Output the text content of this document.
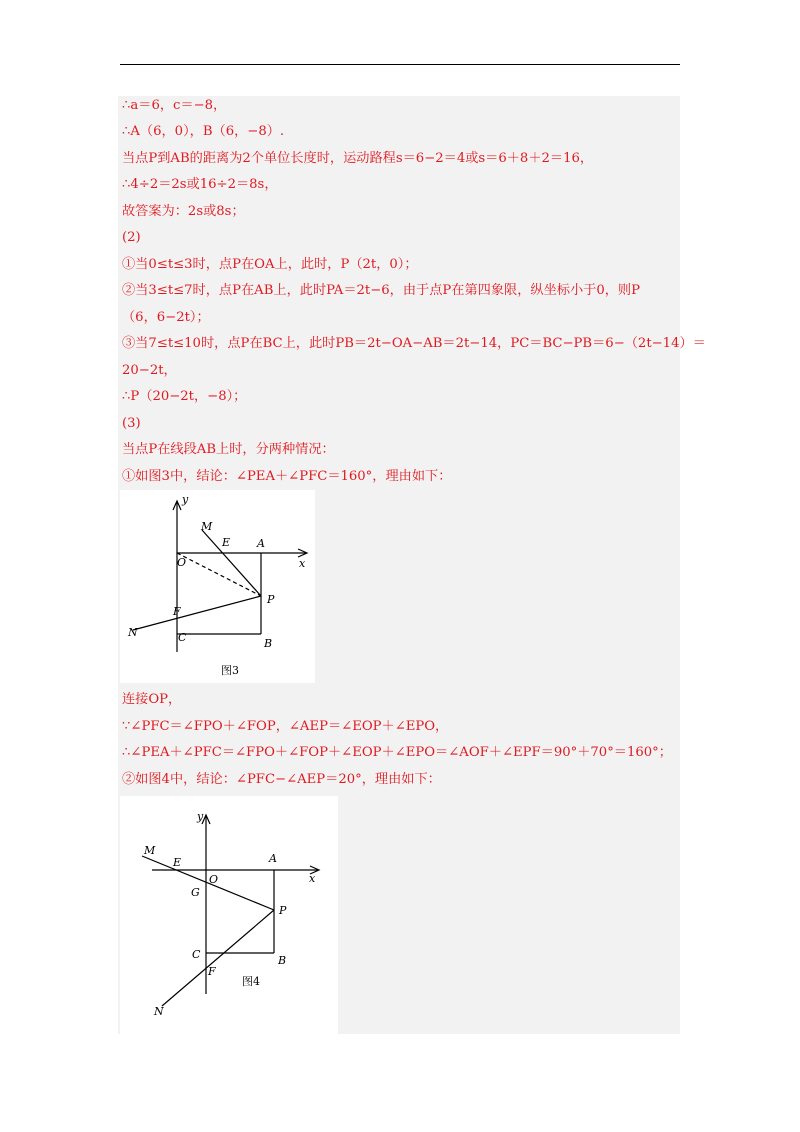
∴a＝6，c＝−8，
∴A（6，0），B（6，−8）.
当点P到AB的距离为2个单位长度时，运动路程s＝6−2＝4或s＝6＋8＋2＝16，
∴4÷2＝2s或16÷2＝8s，
故答案为：2s或8s；
(2)
①当0≤t≤3时，点P在OA上，此时，P（2t，0）；
②当3≤t≤7时，点P在AB上，此时PA＝2t−6，由于点P在第四象限，纵坐标小于0，则P
（6，6−2t）；
③当7≤t≤10时，点P在BC上，此时PB＝2t−OA−AB＝2t−14，PC＝BC−PB＝6−（2t−14）＝
20−2t，
∴P（20−2t，−8）；
(3)
当点P在线段AB上时，分两种情况：
①如图3中，结论：∠PEA＋∠PFC＝160°，理由如下：
y
x
M
E A
O
P
F
N	C	B
图3
连接OP，
∵∠PFC＝∠FPO＋∠FOP，∠AEP＝∠EOP＋∠EPO，
∴∠PEA＋∠PFC＝∠FPO＋∠FOP＋∠EOP＋∠EPO＝∠AOF＋∠EPF＝90°＋70°＝160°；
②如图4中，结论：∠PFC−∠AEP＝20°，理由如下：
y
x
M
E	A
O
G
P
C	B
F
N
图4
